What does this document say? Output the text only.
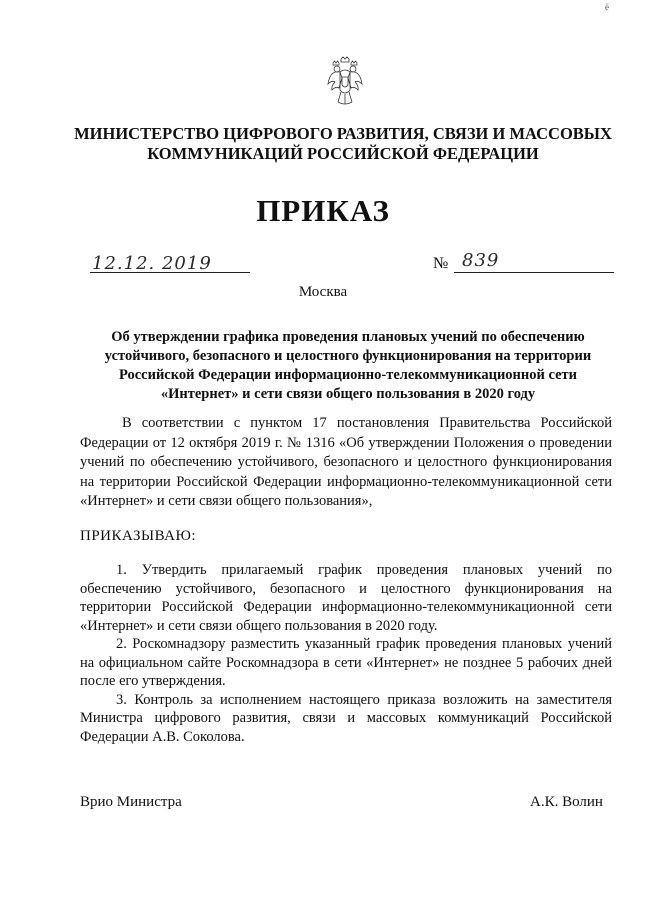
ё
МИНИСТЕРСТВО ЦИФРОВОГО РАЗВИТИЯ, СВЯЗИ И МАССОВЫХ
КОММУНИКАЦИЙ РОССИЙСКОЙ ФЕДЕРАЦИИ
ПРИКАЗ
12.12. 2019	№ 839
Москва
Об утверждении графика проведения плановых учений по обеспечению устойчивого, безопасного и целостного функционирования на территории Российской Федерации информационно-телекоммуникационной сети «Интернет» и сети связи общего пользования в 2020 году

В соответствии с пунктом 17 постановления Правительства Российской Федерации от 12 октября 2019 г. № 1316 «Об утверждении Положения о проведении учений по обеспечению устойчивого, безопасного и целостного функционирования на территории Российской Федерации информационно-телекоммуникационной сети «Интернет» и сети связи общего пользования»,

ПРИКАЗЫВАЮ:

1. Утвердить прилагаемый график проведения плановых учений по обеспечению устойчивого, безопасного и целостного функционирования на территории Российской Федерации информационно-телекоммуникационной сети «Интернет» и сети связи общего пользования в 2020 году.

2. Роскомнадзору разместить указанный график проведения плановых учений на официальном сайте Роскомнадзора в сети «Интернет» не позднее 5 рабочих дней после его утверждения.

3. Контроль за исполнением настоящего приказа возложить на заместителя Министра цифрового развития, связи и массовых коммуникаций Российской Федерации А.В. Соколова.

Врио Министра	А.К. Волин
